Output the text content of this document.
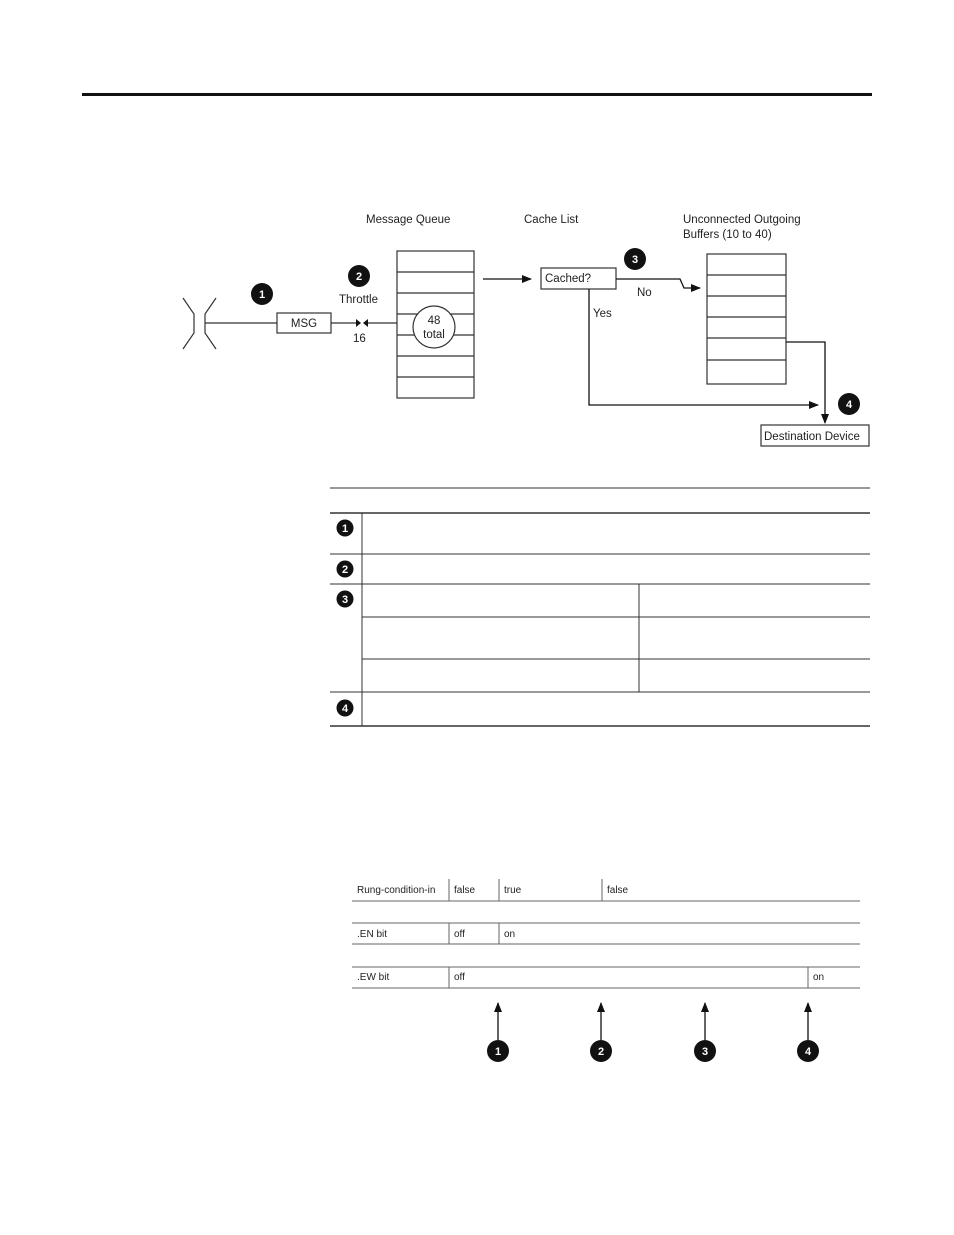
Message Queue	Cache List	Unconnected Outgoing
Buffers (10 to 40)
MSG
Throttle
16
48
total
Cached?
No
Yes
Destination Device
1
2
3
4
1
2
3
4
Rung-condition-in false	true	false
.EN bit	off	on
.EW bit	off	on
1	2	3	4
